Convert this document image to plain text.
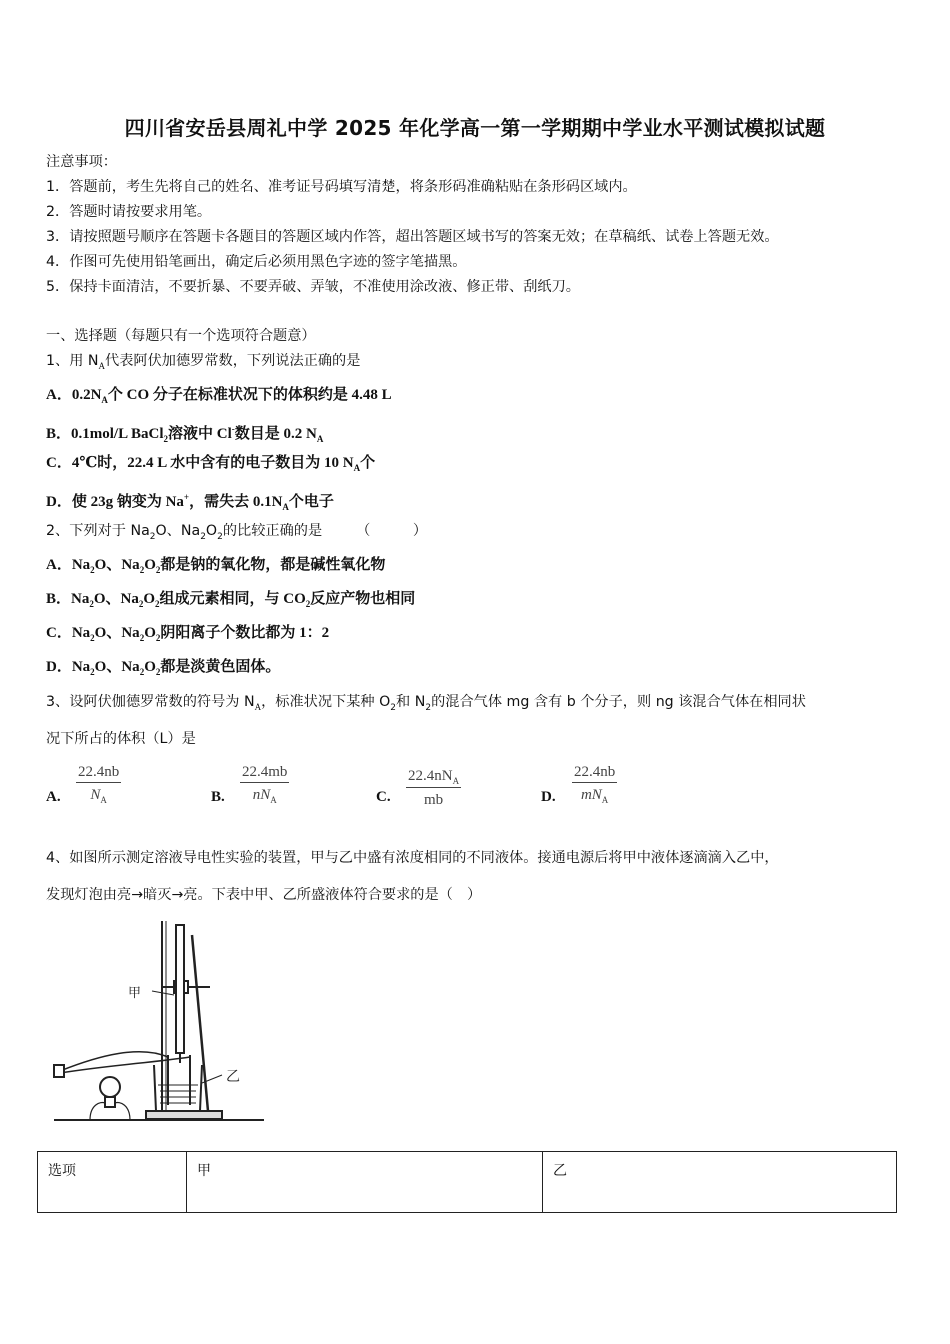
四川省安岳县周礼中学 2025 年化学高一第一学期期中学业水平测试模拟试题
注意事项：
1．答题前，考生先将自己的姓名、准考证号码填写清楚，将条形码准确粘贴在条形码区域内。
2．答题时请按要求用笔。
3．请按照题号顺序在答题卡各题目的答题区域内作答，超出答题区域书写的答案无效；在草稿纸、试卷上答题无效。
4．作图可先使用铅笔画出，确定后必须用黑色字迹的签字笔描黑。
5．保持卡面清洁，不要折暴、不要弄破、弄皱，不准使用涂改液、修正带、刮纸刀。
一、选择题（每题只有一个选项符合题意）
1、用 $N_A$代表阿伏加德罗常数，下列说法正确的是
A．$0.2N_A$个 CO 分子在标准状况下的体积约是 4.48 L
B．0.1mol/L BaCl$_2$溶液中 Cl-数目是 0.2 $N_A$
C．4℃时，22.4 L 水中含有的电子数目为 10 $N_A$个
D．使 23g 钠变为 Na+，需失去 $0.1N_A$个电子
2、下列对于 $Na_2O$、$Na_2O_2$的比较正确的是 （　　　）
A．$Na_2O$、$Na_2O_2$都是钠的氧化物，都是碱性氧化物
B．$Na_2O$、$Na_2O_2$组成元素相同，与 $CO_2$反应产物也相同
C．$Na_2O$、$Na_2O_2$阴阳离子个数比都为 1：2
D．$Na_2O$、$Na_2O_2$都是淡黄色固体。
3、设阿伏伽德罗常数的符号为 $N_A$，标准状况下某种 $O_2$和 $N_2$的混合气体 mg 含有 b 个分子，则 ng 该混合气体在相同状
况下所占的体积（L）是
A. $\frac{22.4nb}{N_A}$	B.
22.4mb
$nN_A$	C.
$22.4nN_A$
mb	D.
22.4nb
$mN_A$
4、如图所示测定溶液导电性实验的装置，甲与乙中盛有浓度相同的不同液体。接通电源后将甲中液体逐滴滴入乙中，
发现灯泡由亮→暗灭→亮。下表中甲、乙所盛液体符合要求的是（　）
甲
乙
选项	甲	乙
